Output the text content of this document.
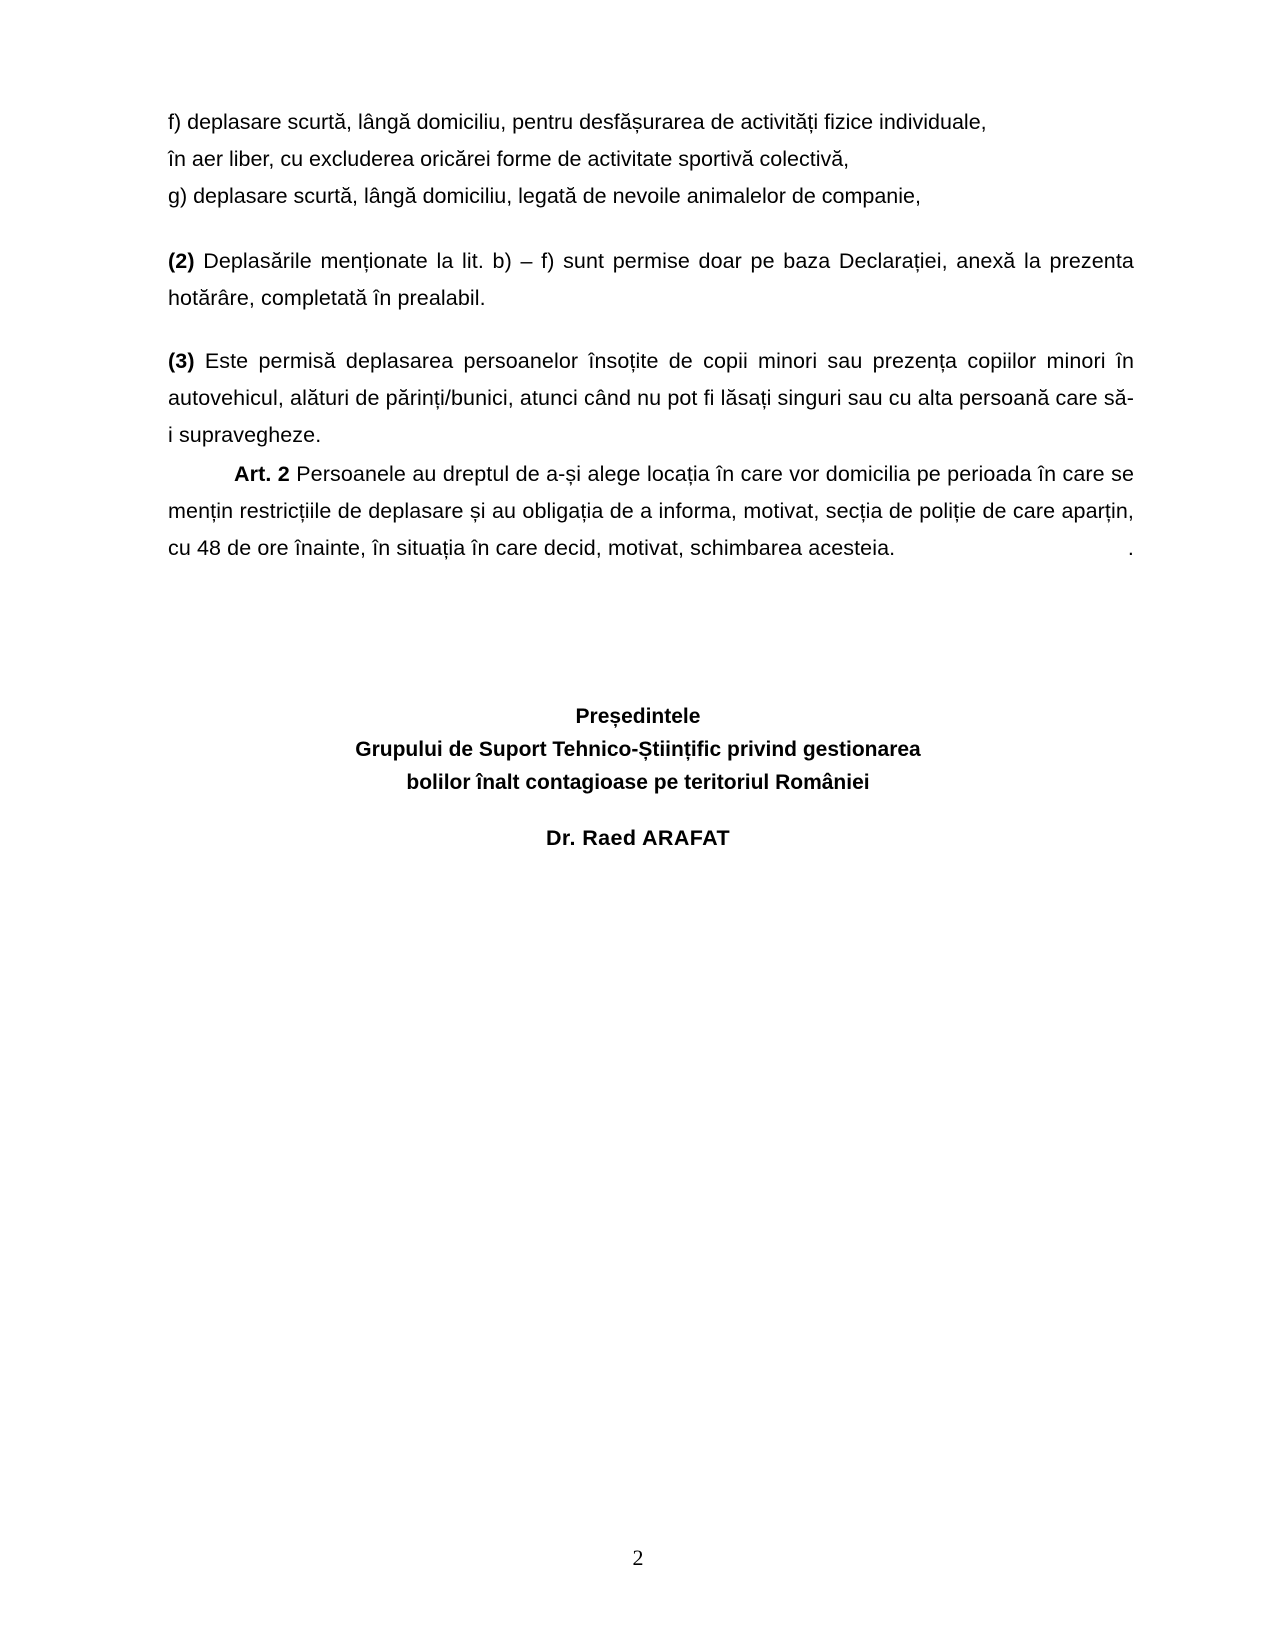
f) deplasare scurtă, lângă domiciliu, pentru desfășurarea de activități fizice individuale,
în aer liber, cu excluderea oricărei forme de activitate sportivă colectivă,
g) deplasare scurtă, lângă domiciliu, legată de nevoile animalelor de companie,

(2) Deplasările menționate la lit. b) – f) sunt permise doar pe baza Declarației, anexă la prezenta hotărâre, completată în prealabil.

(3) Este permisă deplasarea persoanelor însoțite de copii minori sau prezența copiilor minori în autovehicul, alături de părinți/bunici, atunci când nu pot fi lăsați singuri sau cu alta persoană care să-i supravegheze.

Art. 2 Persoanele au dreptul de a-și alege locația în care vor domicilia pe perioada în care se mențin restricțiile de deplasare și au obligația de a informa, motivat, secția de poliție de care aparțin, cu 48 de ore înainte, în situația în care decid, motivat, schimbarea acesteia.	.

Președintele
Grupului de Suport Tehnico-Științific privind gestionarea
bolilor înalt contagioase pe teritoriul României
Dr. Raed ARAFAT
2
